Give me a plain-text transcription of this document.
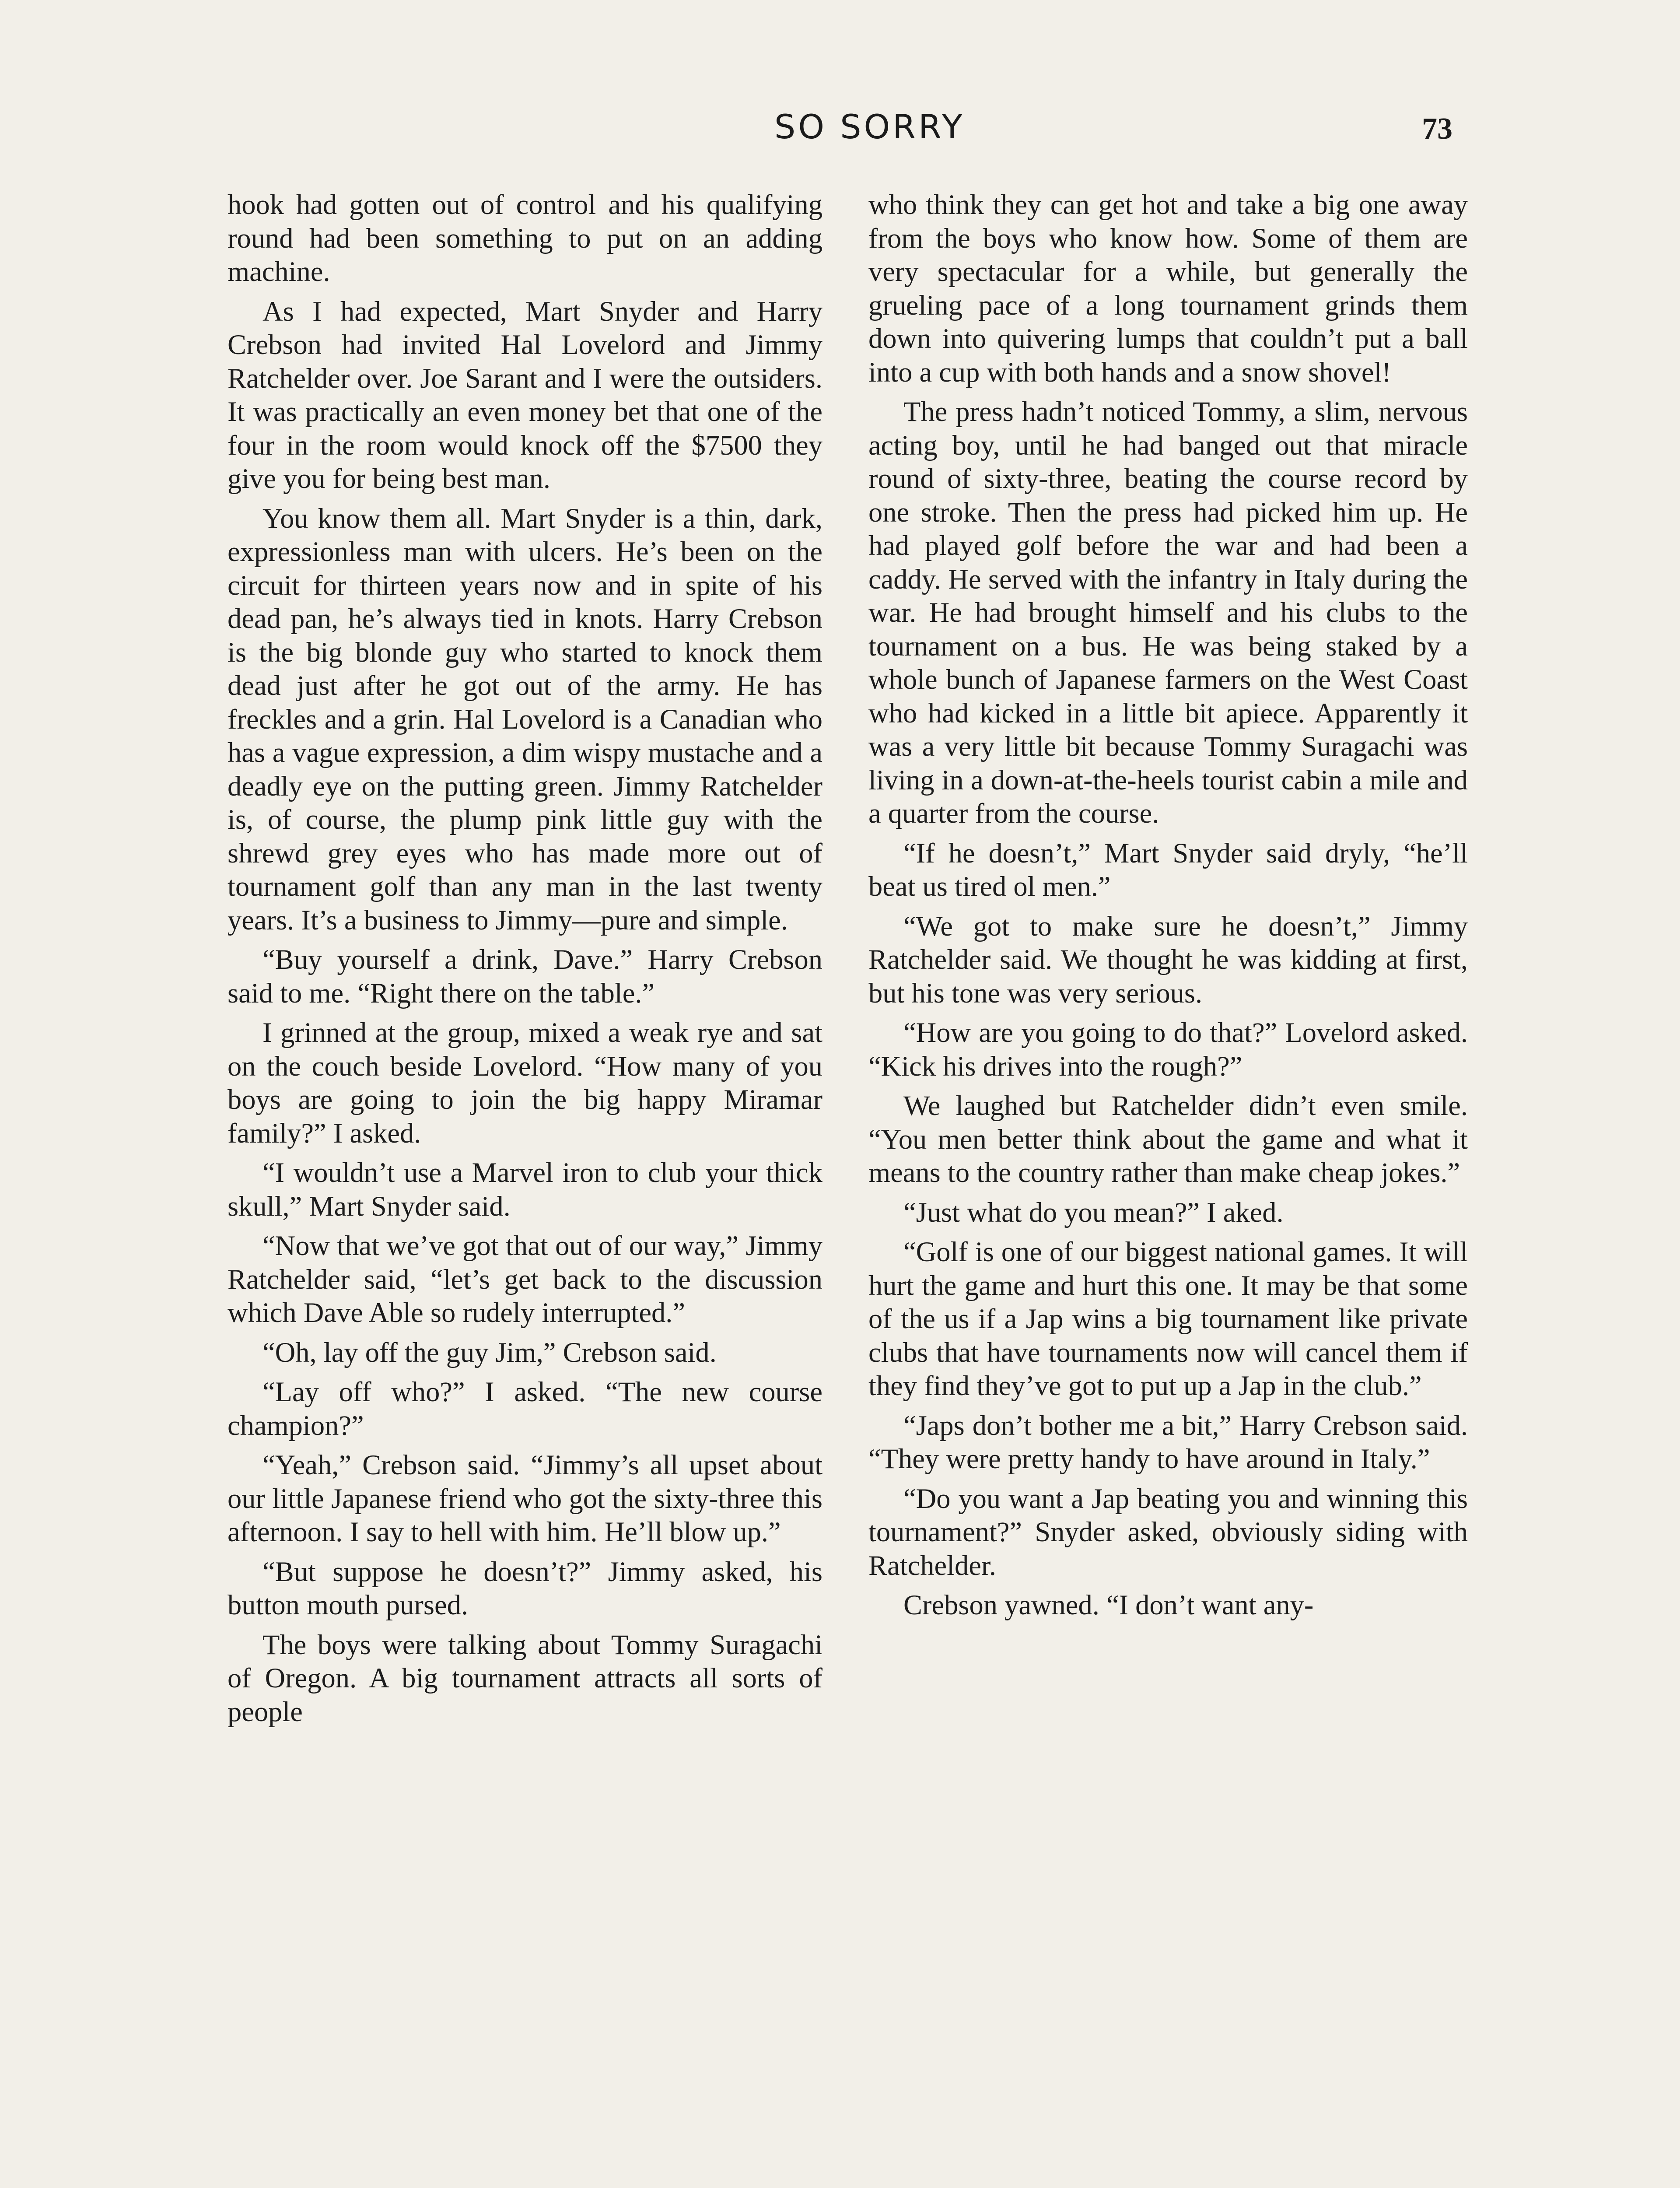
SO SORRY	73

hook had gotten out of control and his qualifying round had been something to put on an adding machine.

As I had expected, Mart Snyder and Harry Crebson had invited Hal Lovelord and Jimmy Ratchelder over. Joe Sarant and I were the outsiders. It was practically an even money bet that one of the four in the room would knock off the $7500 they give you for being best man.

You know them all. Mart Snyder is a thin, dark, expressionless man with ulcers. He’s been on the circuit for thirteen years now and in spite of his dead pan, he’s always tied in knots. Harry Crebson is the big blonde guy who started to knock them dead just after he got out of the army. He has freckles and a grin. Hal Lovelord is a Canadian who has a vague expression, a dim wispy mustache and a deadly eye on the putting green. Jimmy Ratchelder is, of course, the plump pink little guy with the shrewd grey eyes who has made more out of tournament golf than any man in the last twenty years. It’s a business to Jimmy—pure and simple.

“Buy yourself a drink, Dave.” Harry Crebson said to me. “Right there on the table.”

I grinned at the group, mixed a weak rye and sat on the couch beside Lovelord. “How many of you boys are going to join the big happy Miramar family?” I asked.

“I wouldn’t use a Marvel iron to club your thick skull,” Mart Snyder said.

“Now that we’ve got that out of our way,” Jimmy Ratchelder said, “let’s get back to the discussion which Dave Able so rudely interrupted.”

“Oh, lay off the guy Jim,” Crebson said.

“Lay off who?” I asked. “The new course champion?”

“Yeah,” Crebson said. “Jimmy’s all upset about our little Japanese friend who got the sixty-three this afternoon. I say to hell with him. He’ll blow up.”

“But suppose he doesn’t?” Jimmy asked, his button mouth pursed.

The boys were talking about Tommy Suragachi of Oregon. A big tournament attracts all sorts of people

who think they can get hot and take a big one away from the boys who know how. Some of them are very spectacular for a while, but generally the grueling pace of a long tournament grinds them down into quivering lumps that couldn’t put a ball into a cup with both hands and a snow shovel!

The press hadn’t noticed Tommy, a slim, nervous acting boy, until he had banged out that miracle round of sixty-three, beating the course record by one stroke. Then the press had picked him up. He had played golf before the war and had been a caddy. He served with the infantry in Italy during the war. He had brought himself and his clubs to the tournament on a bus. He was being staked by a whole bunch of Japanese farmers on the West Coast who had kicked in a little bit apiece. Apparently it was a very little bit because Tommy Suragachi was living in a down-at-the-heels tourist cabin a mile and a quarter from the course.

“If he doesn’t,” Mart Snyder said dryly, “he’ll beat us tired ol men.”

“We got to make sure he doesn’t,” Jimmy Ratchelder said. We thought he was kidding at first, but his tone was very serious.

“How are you going to do that?” Lovelord asked. “Kick his drives into the rough?”

We laughed but Ratchelder didn’t even smile. “You men better think about the game and what it means to the country rather than make cheap jokes.”

“Just what do you mean?” I aked.

“Golf is one of our biggest national games. It will hurt the game and hurt this one. It may be that some of the us if a Jap wins a big tournament like private clubs that have tournaments now will cancel them if they find they’ve got to put up a Jap in the club.”

“Japs don’t bother me a bit,” Harry Crebson said. “They were pretty handy to have around in Italy.”

“Do you want a Jap beating you and winning this tournament?” Snyder asked, obviously siding with Ratchelder.

Crebson yawned. “I don’t want any-
